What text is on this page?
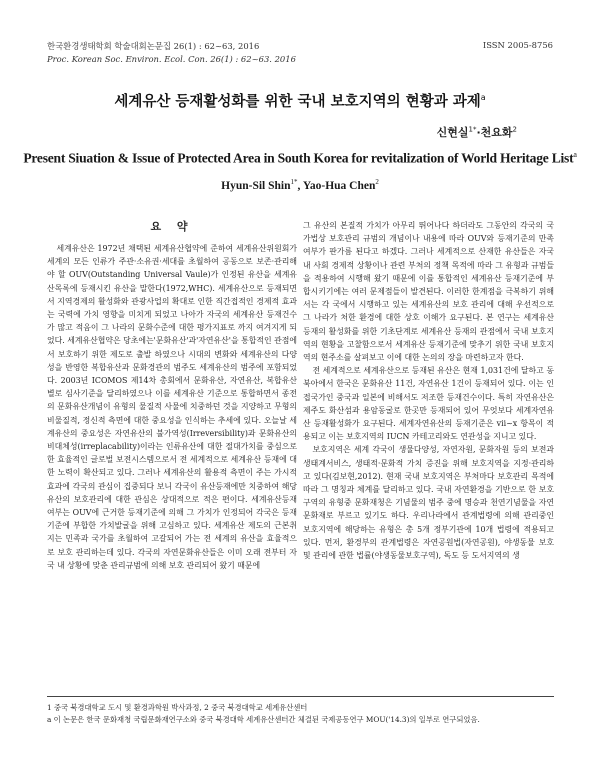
한국환경생태학회 학술대회논문집 26(1) : 62~63, 2016
Proc. Korean Soc. Environ. Ecol. Con. 26(1) : 62~63. 2016
ISSN 2005-8756
세계유산 등재활성화를 위한 국내 보호지역의 현황과 과제$^a$
신현실$^{1*}$·천요화$^2$
Present Siuation & Issue of Protected Area in South Korea for revitalization of World Heritage List$^a$
Hyun-Sil Shin$^{1*}$, Yao-Hua Chen$^2$
요 약

세계유산은 1972년 채택된 세계유산협약에 준하여 세계유산위원회가 세계의 모든 인류가 주관·소유권·세대를 초월하여 공동으로 보존·관리해야 할 OUV(Outstanding Universal Vaule)가 인정된 유산을 세계유산목록에 등재시킨 유산을 말한다(1972,WHC). 세계유산으로 등재되면서 지역경제의 활성화와 관광사업의 확대로 인한 직간접적인 경제적 효과는 국력에 가치 영향을 미치게 되었고 나아가 자국의 세계유산 등재건수가 많고 적음이 그 나라의 문화수준에 대한 평가지표로 까지 여겨지게 되었다. 세계유산협약은 당초에는'문화유산'과'자연유산'을 통합적인 관점에서 보호하기 위한 제도로 출발 하였으나 시대의 변화와 세계유산의 다양성을 반영한 복합유산과 문화경관의 범주도 세계유산의 범주에 포함되었다. 2003년 ICOMOS 제14차 총회에서 문화유산, 자연유산, 복합유산별로 심사기준을 달리하였으나 이를 세계유산 기준으로 통합하면서 종전의 문화유산개념이 유형의 물질적 사물에 치중하던 것을 지양하고 무형의 비물질적, 정신적 측면에 대한 중요성을 인식하는 추세에 있다. 오늘날 세계유산의 중요성은 자연유산의 불가역성(Irreversibility)과 문화유산의 비대체성(irreplacability)이라는 인류유산에 대한 절대가치를 중심으로 한 효율적인 글로벌 보전시스템으로서 전 세계적으로 세계유산 등재에 대한 노력이 확산되고 있다. 그러나 세계유산의 활용적 측면이 주는 가시적 효과에 각국의 관심이 집중되다 보니 각국이 유산등재에만 치중하여 해당유산의 보호관리에 대한 관심은 상대적으로 적은 편이다. 세계유산등재 여부는 OUV에 근거한 등재기준에 의해 그 가치가 인정되어 각국은 등재기준에 부합한 가치발굴을 위해 고심하고 있다. 세계유산 제도의 근본취지는 민족과 국가를 초월하여 고갈되어 가는 전 세계의 유산을 효율적으로 보호 관리하는데 있다. 각국의 자연문화유산들은 이미 오래 전부터 자국 내 상황에 맞춘 관리규범에 의해 보호 관리되어 왔기 때문에

그 유산의 본질적 가치가 아무리 뛰어나다 하더라도 그동안의 각국의 국가법상 보호관리 규범의 개념이나 내용에 따라 OUV와 등재기준의 만족여부가 판가름 된다고 하겠다. 그러나 세계적으로 산재한 유산들은 자국 내 사회 경제적 상황이나 관련 부처의 정책 목적에 따라 그 유형과 규범들을 적용하여 시행해 왔기 때문에 이를 통합적인 세계유산 등재기준에 부합시키기에는 여러 문제점들이 발견된다. 이러한 한계점을 극복하기 위해서는 각 국에서 시행하고 있는 세계유산의 보호 관리에 대해 우선적으로 그 나라가 처한 환경에 대한 상호 이해가 요구된다. 본 연구는 세계유산 등재의 활성화를 위한 기초단계로 세계유산 등재의 관점에서 국내 보호지역의 현황을 고찰함으로서 세계유산 등재기준에 맞추기 위한 국내 보호지역의 현주소를 살펴보고 이에 대한 논의의 장을 마련하고자 한다.

전 세계적으로 세계유산으로 등재된 유산은 현재 1,031건에 달하고 동북아에서 한국은 문화유산 11건, 자연유산 1건이 등재되어 있다. 이는 인접국가인 중국과 일본에 비해서도 저조한 등재건수이다. 특히 자연유산은 제주도 화산섬과 용암동굴로 한곳만 등재되어 있어 무엇보다 세계자연유산 등재활성화가 요구된다. 세계자연유산의 등재기준은 vii~x 항목이 적용되고 이는 보호지역의 IUCN 카테고리와도 연관성을 지니고 있다.

보호지역은 세계 각국이 생물다양성, 자연자원, 문화자원 등의 보전과 생태계서비스, 생태적·문화적 가치 증진을 위해 보호지역을 지정·관리하고 있다(김보현,2012). 현재 국내 보호지역은 부처마다 보호관리 목적에 따라 그 명칭과 체계를 달리하고 있다. 국내 자연환경을 기반으로 한 보호구역의 유형중 문화재청은 기념물의 범주 중에 명승과 천연기념물을 자연문화재로 부르고 있기도 하다. 우리나라에서 관계법령에 의해 관리중인 보호지역에 해당하는 유형은 총 5개 정부기관에 10개 법령에 적용되고 있다. 먼저, 환경부의 관계법령은 자연공원법(자연공원), 야생동물 보호 및 관리에 관한 법률(야생동물보호구역), 독도 등 도서지역의 생

1 중국 북경대학교 도시 및 환경과학원 박사과정, 2 중국 북경대학교 세계유산센터
a 이 논문은 한국 문화재청 국립문화재연구소와 중국 북경대학 세계유산센터간 체결된 국제공동연구 MOU('14.3)의 일부로 연구되었음.
